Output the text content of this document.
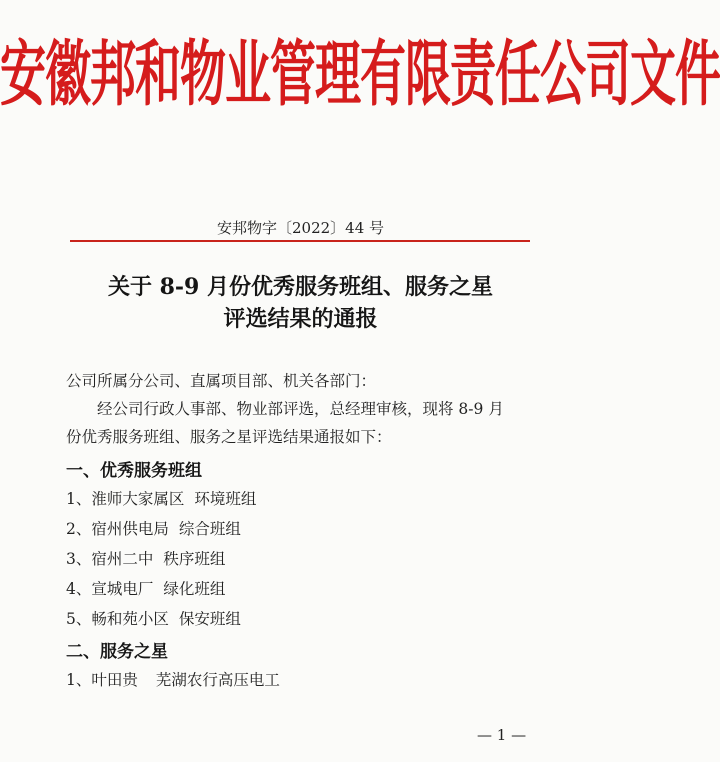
安徽邦和物业管理有限责任公司文件
安邦物字〔2022〕44 号
关于 8-9 月份优秀服务班组、服务之星
评选结果的通报
公司所属分公司、直属项目部、机关各部门：
经公司行政人事部、物业部评选，总经理审核，现将 8-9 月
份优秀服务班组、服务之星评选结果通报如下：
一、优秀服务班组
1、淮师大家属区 环境班组
2、宿州供电局 综合班组
3、宿州二中 秩序班组
4、宣城电厂 绿化班组
5、畅和苑小区 保安班组
二、服务之星
1、叶田贵 芜湖农行高压电工
— 1 —
